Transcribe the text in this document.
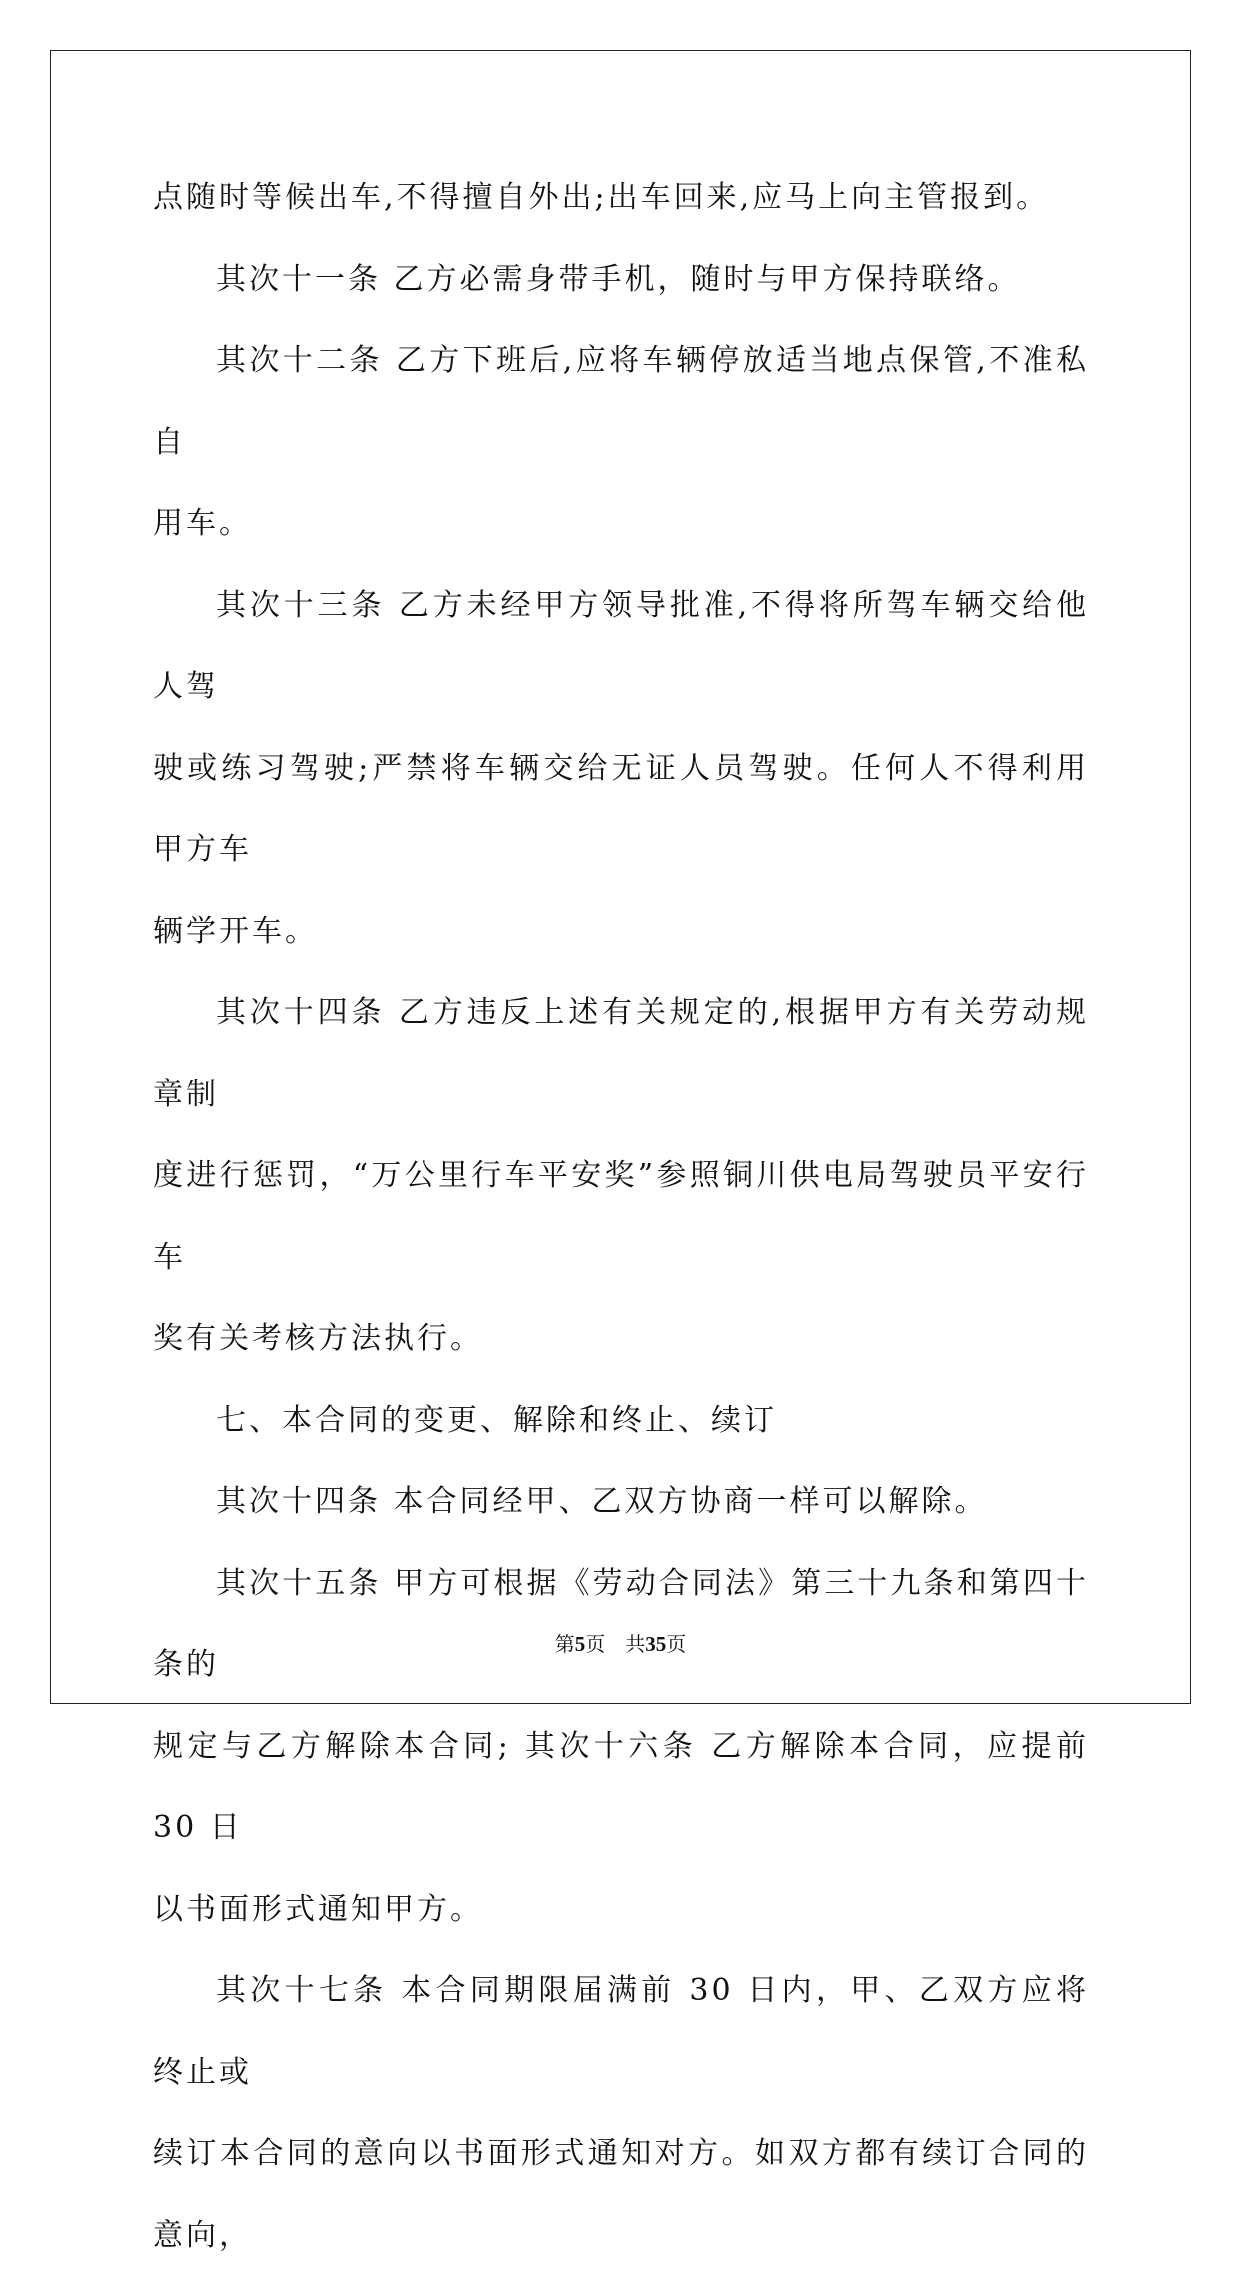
点随时等候出车,不得擅自外出;出车回来,应马上向主管报到。

其次十一条 乙方必需身带手机，随时与甲方保持联络。

其次十二条 乙方下班后,应将车辆停放适当地点保管,不准私自

用车。

其次十三条 乙方未经甲方领导批准,不得将所驾车辆交给他人驾

驶或练习驾驶;严禁将车辆交给无证人员驾驶。任何人不得利用甲方车

辆学开车。

其次十四条 乙方违反上述有关规定的,根据甲方有关劳动规章制

度进行惩罚，“万公里行车平安奖”参照铜川供电局驾驶员平安行车

奖有关考核方法执行。

七、本合同的变更、解除和终止、续订

其次十四条 本合同经甲、乙双方协商一样可以解除。

其次十五条 甲方可根据《劳动合同法》第三十九条和第四十条的

规定与乙方解除本合同; 其次十六条 乙方解除本合同，应提前 30 日

以书面形式通知甲方。

其次十七条 本合同期限届满前 30 日内，甲、乙双方应将终止或

续订本合同的意向以书面形式通知对方。如双方都有续订合同的意向，

第5页 共35页
